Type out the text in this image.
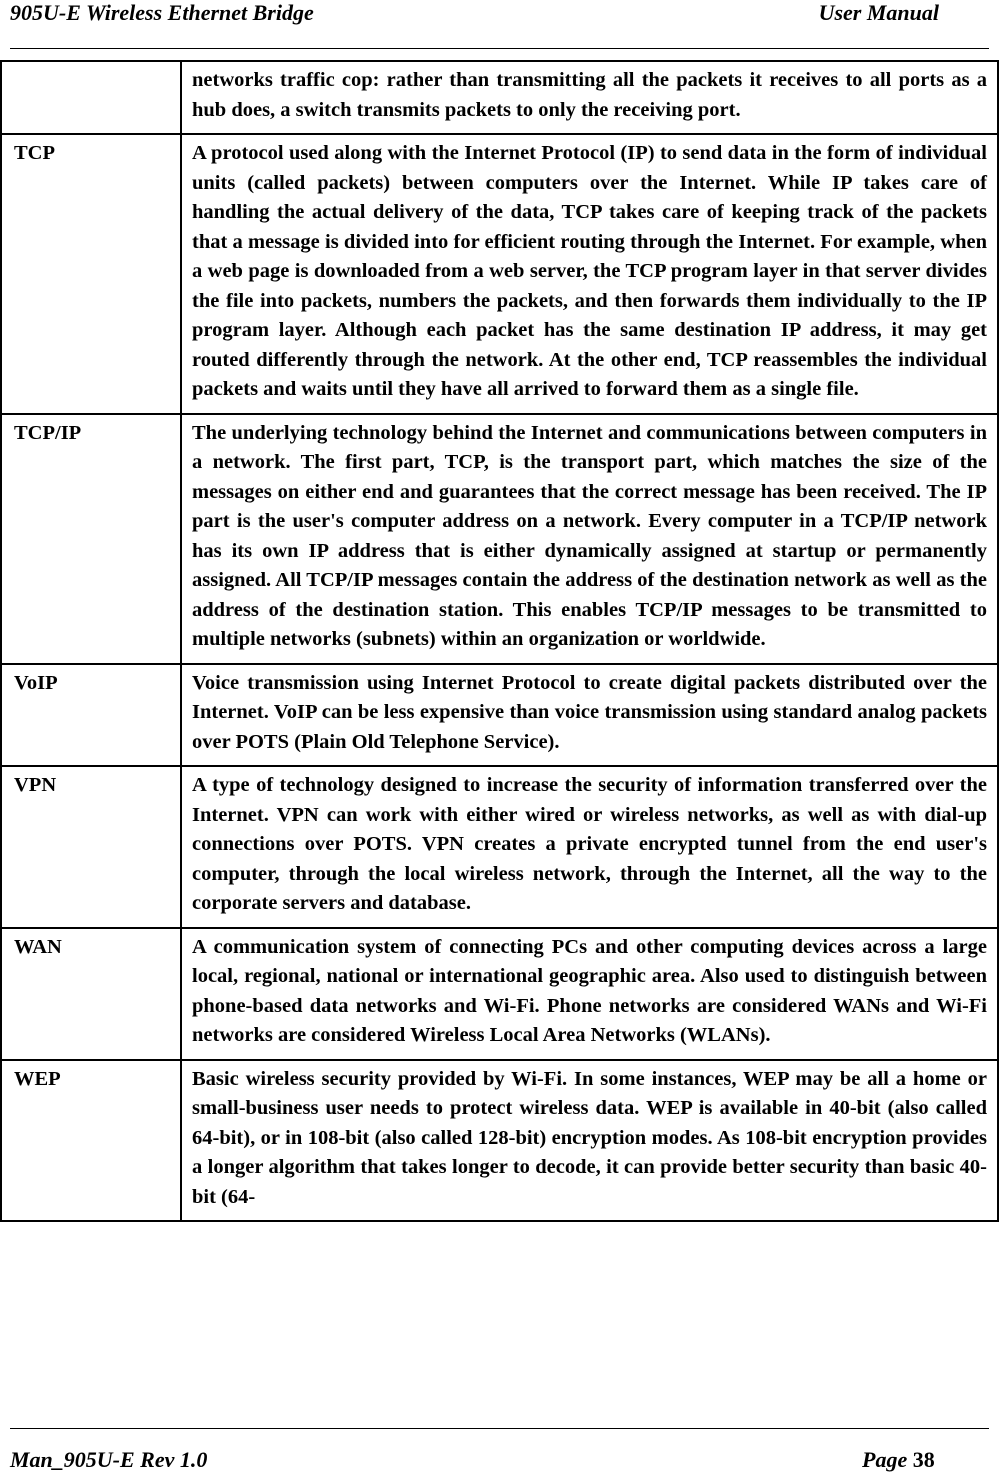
905U-E Wireless Ethernet Bridge	User Manual
	networks traffic cop: rather than transmitting all the packets it receives to all ports as a hub does, a switch transmits packets to only the receiving port.
TCP	A protocol used along with the Internet Protocol (IP) to send data in the form of individual units (called packets) between computers over the Internet. While IP takes care of handling the actual delivery of the data, TCP takes care of keeping track of the packets that a message is divided into for efficient routing through the Internet. For example, when a web page is downloaded from a web server, the TCP program layer in that server divides the file into packets, numbers the packets, and then forwards them individually to the IP program layer. Although each packet has the same destination IP address, it may get routed differently through the network. At the other end, TCP reassembles the individual packets and waits until they have all arrived to forward them as a single file.
TCP/IP	The underlying technology behind the Internet and communications between computers in a network. The first part, TCP, is the transport part, which matches the size of the messages on either end and guarantees that the correct message has been received. The IP part is the user's computer address on a network. Every computer in a TCP/IP network has its own IP address that is either dynamically assigned at startup or permanently assigned. All TCP/IP messages contain the address of the destination network as well as the address of the destination station. This enables TCP/IP messages to be transmitted to multiple networks (subnets) within an organization or worldwide.
VoIP	Voice transmission using Internet Protocol to create digital packets distributed over the Internet. VoIP can be less expensive than voice transmission using standard analog packets over POTS (Plain Old Telephone Service).
VPN	A type of technology designed to increase the security of information transferred over the Internet. VPN can work with either wired or wireless networks, as well as with dial-up connections over POTS. VPN creates a private encrypted tunnel from the end user's computer, through the local wireless network, through the Internet, all the way to the corporate servers and database.
WAN	A communication system of connecting PCs and other computing devices across a large local, regional, national or international geographic area. Also used to distinguish between phone-based data networks and Wi-Fi. Phone networks are considered WANs and Wi-Fi networks are considered Wireless Local Area Networks (WLANs).
WEP	Basic wireless security provided by Wi-Fi. In some instances, WEP may be all a home or small-business user needs to protect wireless data. WEP is available in 40-bit (also called 64-bit), or in 108-bit (also called 128-bit) encryption modes. As 108-bit encryption provides a longer algorithm that takes longer to decode, it can provide better security than basic 40-bit (64-
Man_905U-E Rev 1.0	Page 38
